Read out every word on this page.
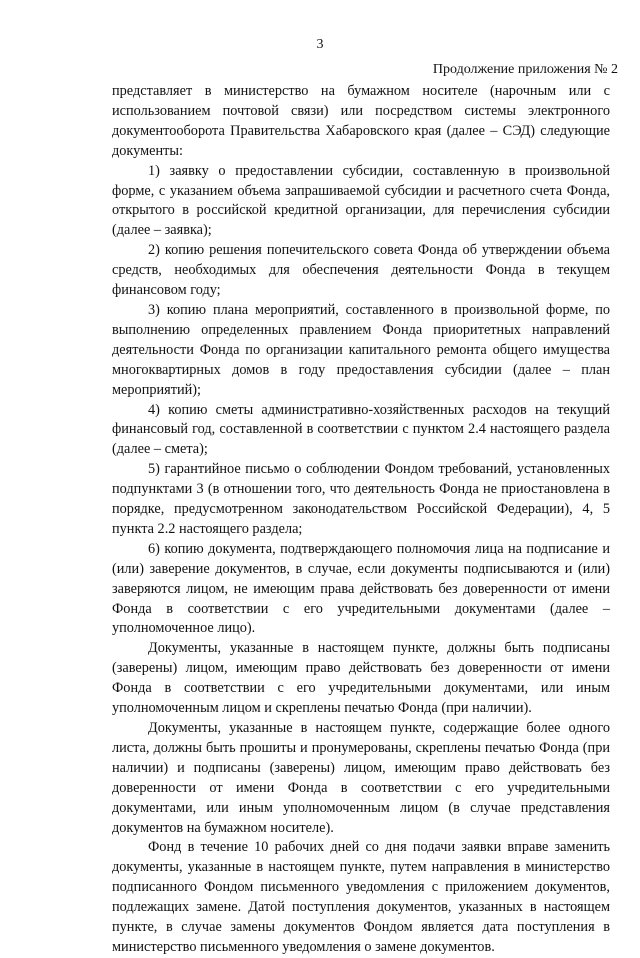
3
Продолжение приложения № 2

представляет в министерство на бумажном носителе (нарочным или с использованием почтовой связи) или посредством системы электронного документооборота Правительства Хабаровского края (далее – СЭД) следующие документы:

1) заявку о предоставлении субсидии, составленную в произвольной форме, с указанием объема запрашиваемой субсидии и расчетного счета Фонда, открытого в российской кредитной организации, для перечисления субсидии (далее – заявка);

2) копию решения попечительского совета Фонда об утверждении объема средств, необходимых для обеспечения деятельности Фонда в текущем финансовом году;

3) копию плана мероприятий, составленного в произвольной форме, по выполнению определенных правлением Фонда приоритетных направлений деятельности Фонда по организации капитального ремонта общего имущества многоквартирных домов в году предоставления субсидии (далее – план мероприятий);

4) копию сметы административно-хозяйственных расходов на текущий финансовый год, составленной в соответствии с пунктом 2.4 настоящего раздела (далее – смета);

5) гарантийное письмо о соблюдении Фондом требований, установленных подпунктами 3 (в отношении того, что деятельность Фонда не приостановлена в порядке, предусмотренном законодательством Российской Федерации), 4, 5 пункта 2.2 настоящего раздела;

6) копию документа, подтверждающего полномочия лица на подписание и (или) заверение документов, в случае, если документы подписываются и (или) заверяются лицом, не имеющим права действовать без доверенности от имени Фонда в соответствии с его учредительными документами (далее – уполномоченное лицо).

Документы, указанные в настоящем пункте, должны быть подписаны (заверены) лицом, имеющим право действовать без доверенности от имени Фонда в соответствии с его учредительными документами, или иным уполномоченным лицом и скреплены печатью Фонда (при наличии).

Документы, указанные в настоящем пункте, содержащие более одного листа, должны быть прошиты и пронумерованы, скреплены печатью Фонда (при наличии) и подписаны (заверены) лицом, имеющим право действовать без доверенности от имени Фонда в соответствии с его учредительными документами, или иным уполномоченным лицом (в случае представления документов на бумажном носителе).

Фонд в течение 10 рабочих дней со дня подачи заявки вправе заменить документы, указанные в настоящем пункте, путем направления в министерство подписанного Фондом письменного уведомления с приложением документов, подлежащих замене. Датой поступления документов, указанных в настоящем пункте, в случае замены документов Фондом является дата поступления в министерство письменного уведомления о замене документов.
